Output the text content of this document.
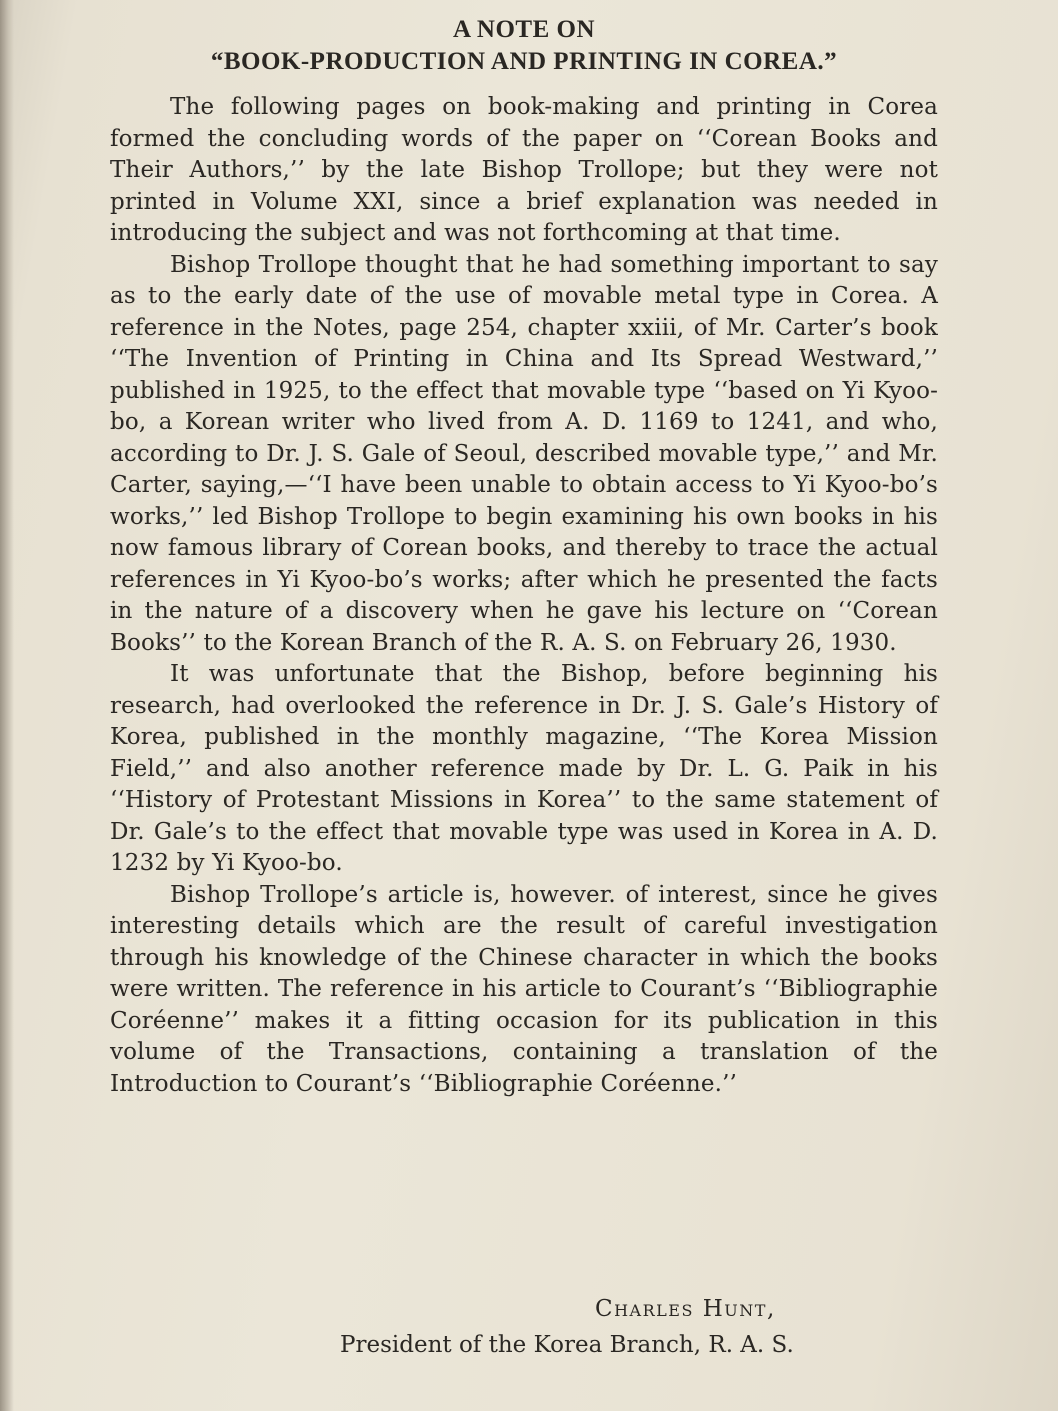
A NOTE ON
“BOOK-PRODUCTION AND PRINTING IN COREA.”

The following pages on book-making and printing in Corea formed the concluding words of the paper on ‘‘Corean Books and Their Authors,’’ by the late Bishop Trollope; but they were not printed in Volume XXI, since a brief explanation was needed in introducing the subject and was not forthcoming at that time.

Bishop Trollope thought that he had something important to say as to the early date of the use of movable metal type in Corea. A reference in the Notes, page 254, chapter xxiii, of Mr. Carter’s book ‘‘The Invention of Printing in China and Its Spread Westward,’’ published in 1925, to the effect that movable type ‘‘based on Yi Kyoo-bo, a Korean writer who lived from A. D. 1169 to 1241, and who, according to Dr. J. S. Gale of Seoul, described movable type,’’ and Mr. Carter, saying,—‘‘I have been unable to obtain access to Yi Kyoo-bo’s works,’’ led Bishop Trollope to begin examining his own books in his now famous library of Corean books, and thereby to trace the actual references in Yi Kyoo-bo’s works; after which he presented the facts in the nature of a discovery when he gave his lecture on ‘‘Corean Books’’ to the Korean Branch of the R. A. S. on February 26, 1930.

It was unfortunate that the Bishop, before beginning his research, had overlooked the reference in Dr. J. S. Gale’s History of Korea, published in the monthly magazine, ‘‘The Korea Mission Field,’’ and also another reference made by Dr. L. G. Paik in his ‘‘History of Protestant Missions in Korea’’ to the same statement of Dr. Gale’s to the effect that movable type was used in Korea in A. D. 1232 by Yi Kyoo-bo.

Bishop Trollope’s article is, however. of interest, since he gives interesting details which are the result of careful investigation through his knowledge of the Chinese character in which the books were written. The reference in his article to Courant’s ‘‘Bibliographie Coréenne’’ makes it a fitting occasion for its publication in this volume of the Transactions, containing a translation of the Introduction to Courant’s ‘‘Bibliographie Coréenne.’’

Charles Hunt,
President of the Korea Branch, R. A. S.
